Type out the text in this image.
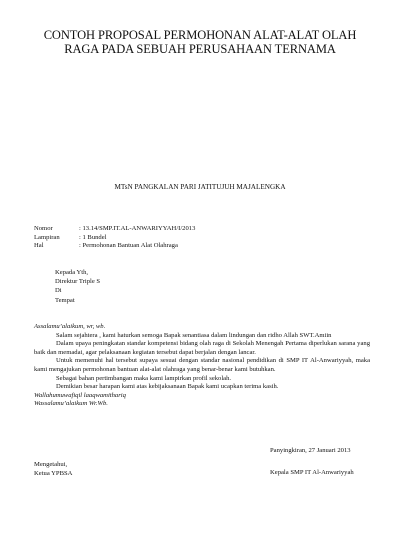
CONTOH PROPOSAL PERMOHONAN ALAT-ALAT OLAH
RAGA PADA SEBUAH PERUSAHAAN TERNAMA
MTsN PANGKALAN PARI JATITUJUH MAJALENGKA
Nomor	: 13.14/SMP.IT.AL-ANWARIYYAH/I/2013
Lampiran	: 1 Bundel
Hal	: Permohonan Bantuan Alat Olahraga
Kepada Yth,
Direktur Triple S
Di
Tempat

Assalamu’alaikum, wr, wb.

Salam sejahtera , kami haturkan semoga Bapak senantiasa dalam lindungan dan ridho Allah SWT.Amiin

Dalam upaya peningkatan standar kompetensi bidang olah raga di Sekolah Menengah Pertama diperlukan sarana yang baik dan memadai, agar pelaksanaan kegiatan tersebut dapat berjalan dengan lancar.

Untuk memenuhi hal tersebut supaya sesuai dengan standar nasional pendidikan di SMP IT Al-Anwariyyah, maka kami mengajukan permohonan bantuan alat-alat olahraga yang benar-benar kami butuhkan.

Sebagai bahan pertimbangan maka kami lampirkan profil sekolah.

Demikian besar harapan kami atas kebijaksanaan Bapak kami ucapkan terima kasih.

Wallahumuwafiqil laaqwamithariq

Wassalamu’alaikum Wr.Wb.

Panyingkiran, 27 Januari 2013
Mengetahui,
Ketua YPBSA	Kepala SMP IT Al-Anwariyyah
